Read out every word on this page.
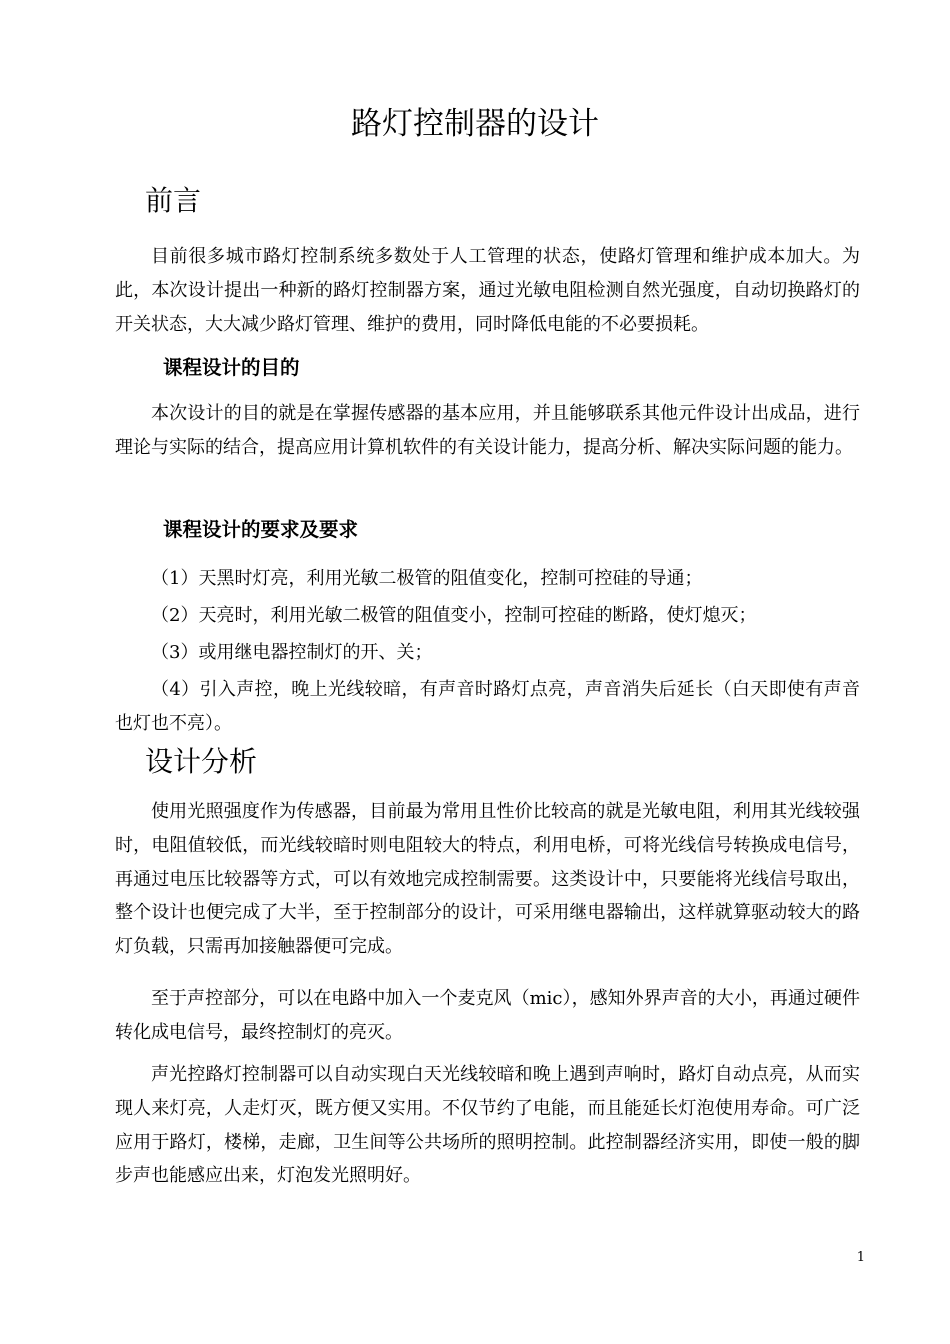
路灯控制器的设计
前言

目前很多城市路灯控制系统多数处于人工管理的状态，使路灯管理和维护成本加大。为此，本次设计提出一种新的路灯控制器方案，通过光敏电阻检测自然光强度，自动切换路灯的开关状态，大大减少路灯管理、维护的费用，同时降低电能的不必要损耗。

课程设计的目的

本次设计的目的就是在掌握传感器的基本应用，并且能够联系其他元件设计出成品，进行理论与实际的结合，提高应用计算机软件的有关设计能力，提高分析、解决实际问题的能力。

课程设计的要求及要求

（1）天黑时灯亮，利用光敏二极管的阻值变化，控制可控硅的导通；

（2）天亮时，利用光敏二极管的阻值变小，控制可控硅的断路，使灯熄灭；

（3）或用继电器控制灯的开、关；

（4）引入声控，晚上光线较暗，有声音时路灯点亮，声音消失后延长（白天即使有声音也灯也不亮）。

设计分析

使用光照强度作为传感器，目前最为常用且性价比较高的就是光敏电阻，利用其光线较强时，电阻值较低，而光线较暗时则电阻较大的特点，利用电桥，可将光线信号转换成电信号，再通过电压比较器等方式，可以有效地完成控制需要。这类设计中，只要能将光线信号取出，整个设计也便完成了大半，至于控制部分的设计，可采用继电器输出，这样就算驱动较大的路灯负载，只需再加接触器便可完成。

至于声控部分，可以在电路中加入一个麦克风（mic），感知外界声音的大小，再通过硬件转化成电信号，最终控制灯的亮灭。

声光控路灯控制器可以自动实现白天光线较暗和晚上遇到声响时，路灯自动点亮，从而实现人来灯亮，人走灯灭，既方便又实用。不仅节约了电能，而且能延长灯泡使用寿命。可广泛应用于路灯，楼梯，走廊，卫生间等公共场所的照明控制。此控制器经济实用，即使一般的脚步声也能感应出来，灯泡发光照明好。

1
